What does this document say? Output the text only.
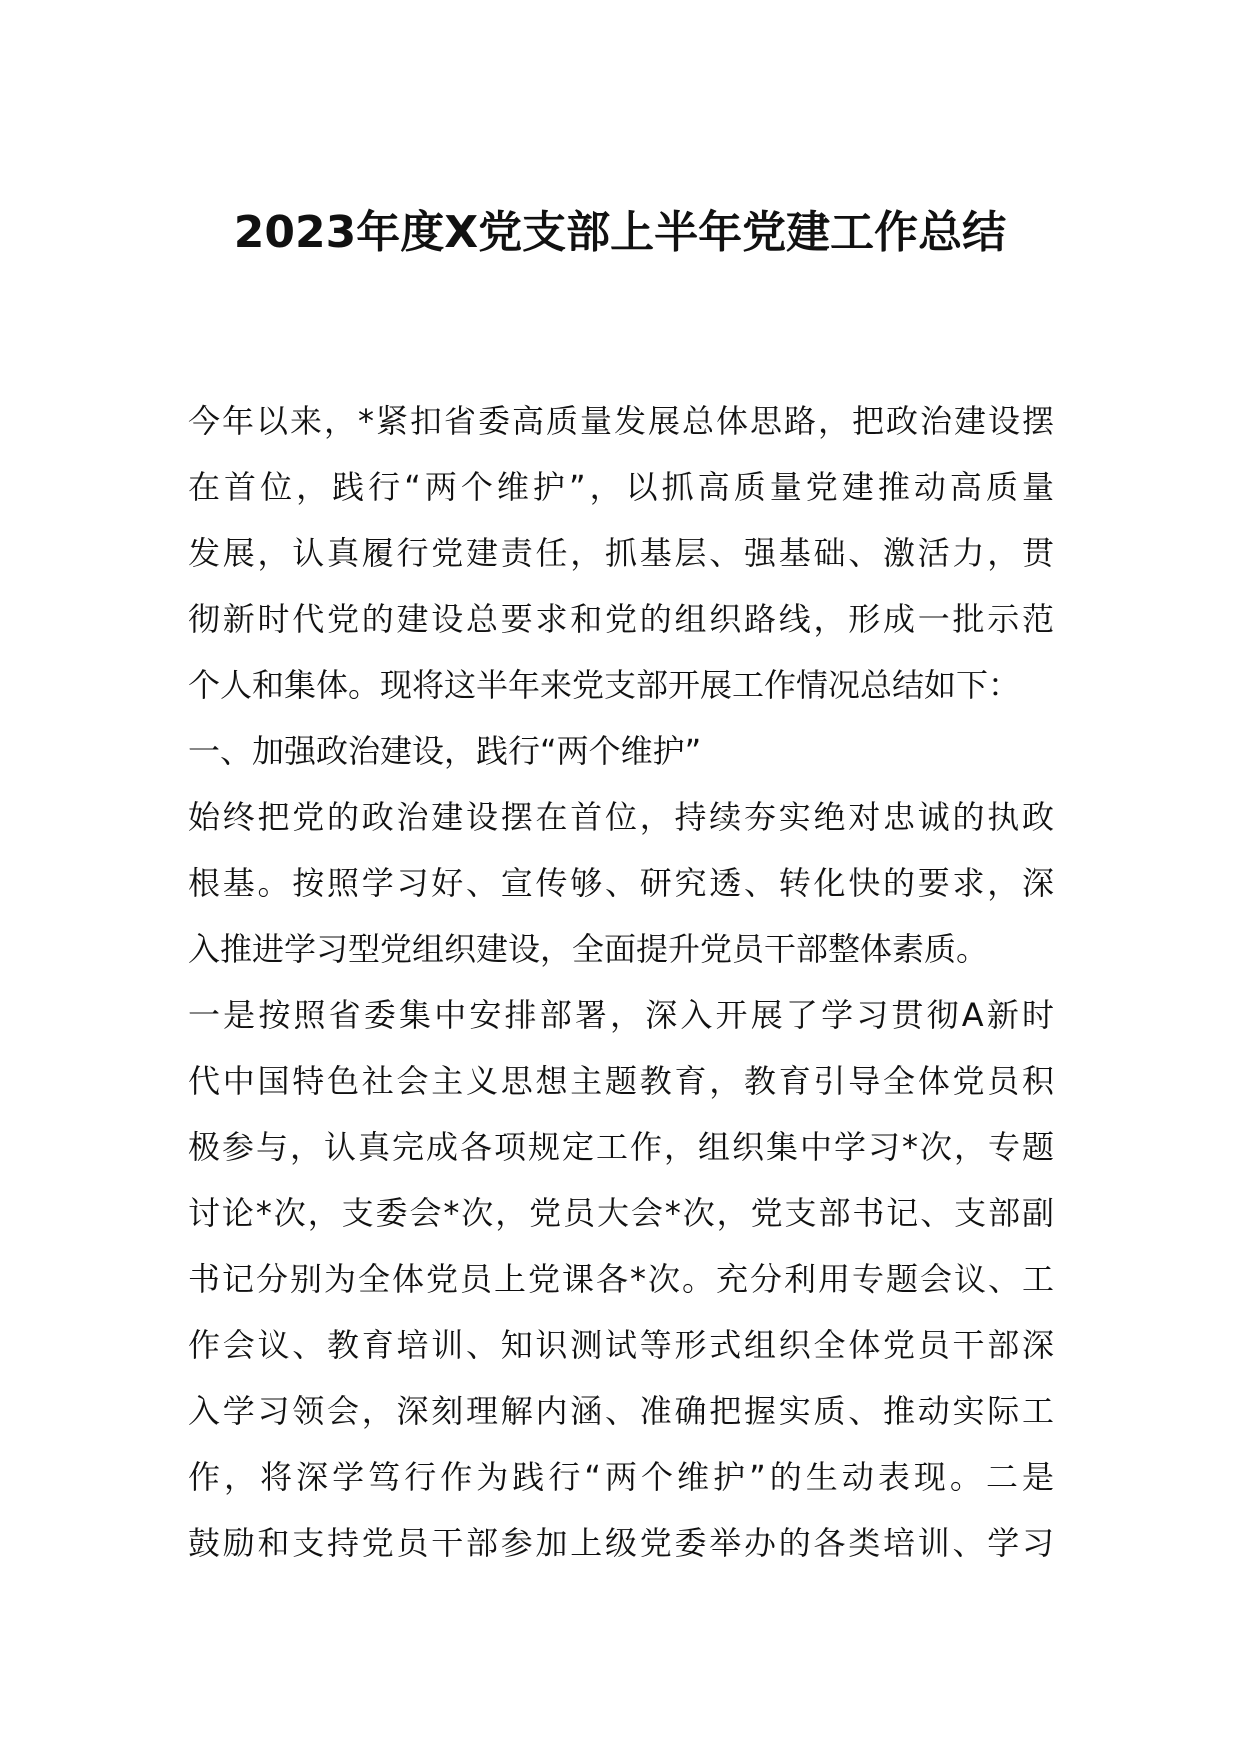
2023年度X党支部上半年党建工作总结
今年以来，*紧扣省委高质量发展总体思路，把政治建设摆
在首位，践行“两个维护”，以抓高质量党建推动高质量
发展，认真履行党建责任，抓基层、强基础、激活力，贯
彻新时代党的建设总要求和党的组织路线，形成一批示范
个人和集体。现将这半年来党支部开展工作情况总结如下：
一、加强政治建设，践行“两个维护”
始终把党的政治建设摆在首位，持续夯实绝对忠诚的执政
根基。按照学习好、宣传够、研究透、转化快的要求，深
入推进学习型党组织建设，全面提升党员干部整体素质。
一是按照省委集中安排部署，深入开展了学习贯彻A新时
代中国特色社会主义思想主题教育，教育引导全体党员积
极参与，认真完成各项规定工作，组织集中学习*次，专题
讨论*次，支委会*次，党员大会*次，党支部书记、支部副
书记分别为全体党员上党课各*次。充分利用专题会议、工
作会议、教育培训、知识测试等形式组织全体党员干部深
入学习领会，深刻理解内涵、准确把握实质、推动实际工
作，将深学笃行作为践行“两个维护”的生动表现。二是
鼓励和支持党员干部参加上级党委举办的各类培训、学习
